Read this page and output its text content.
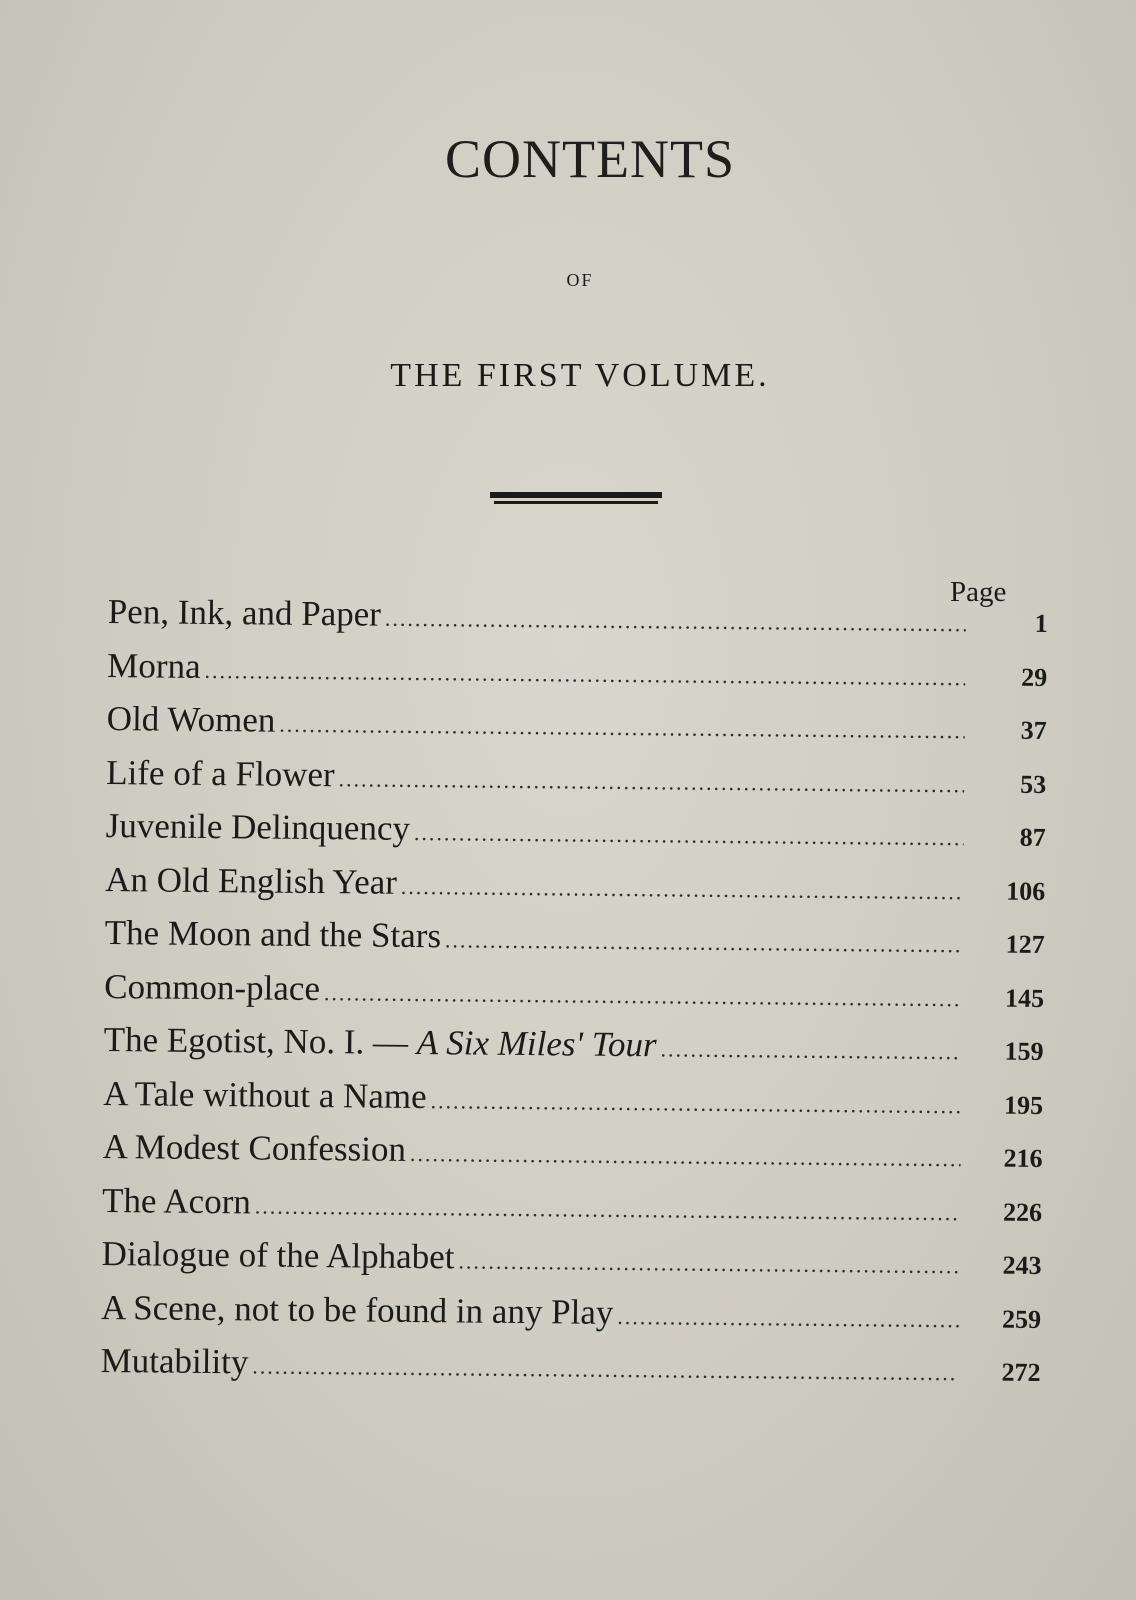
CONTENTS
OF
THE FIRST VOLUME.
Page
Pen, Ink, and Paper .....	1
Morna .....	29
Old Women .....	37
Life of a Flower .....	53
Juvenile Delinquency .....	87
An Old English Year .....	106
The Moon and the Stars .....	127
Common-place .....	145
The Egotist, No. I. — A Six Miles' Tour .....	159
A Tale without a Name .....	195
A Modest Confession .....	216
The Acorn .....	226
Dialogue of the Alphabet .....	243
A Scene, not to be found in any Play .....	259
Mutability .....	272
